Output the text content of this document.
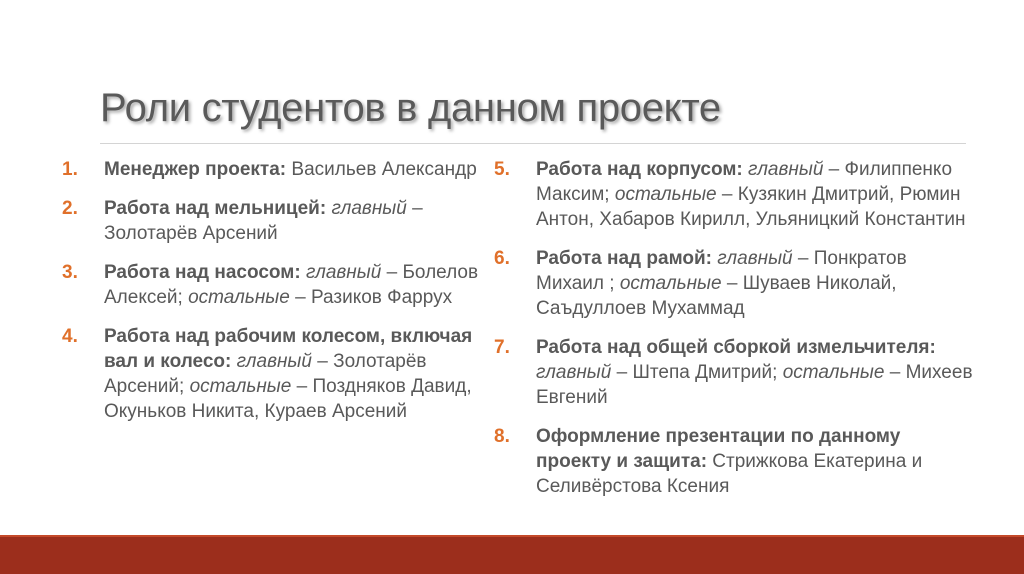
Роли студентов в данном проекте
1.	Менеджер проекта: Васильев Александр
2.	Работа над мельницей: главный – Золотарёв Арсений
3.	Работа над насосом: главный – Болелов Алексей; остальные – Разиков Фаррух
4.	Работа над рабочим колесом, включая вал и колесо: главный – Золотарёв Арсений; остальные – Поздняков Давид, Окуньков Никита, Кураев Арсений
5.	Работа над корпусом: главный – Филиппенко Максим; остальные – Кузякин Дмитрий, Рюмин Антон, Хабаров Кирилл, Ульяницкий Константин
6.	Работа над рамой: главный – Понкратов Михаил ; остальные – Шуваев Николай, Саъдуллоев Мухаммад
7.	Работа над общей сборкой измельчителя: главный – Штепа Дмитрий; остальные – Михеев Евгений
8.	Оформление презентации по данному проекту и защита: Стрижкова Екатерина и Селивёрстова Ксения
